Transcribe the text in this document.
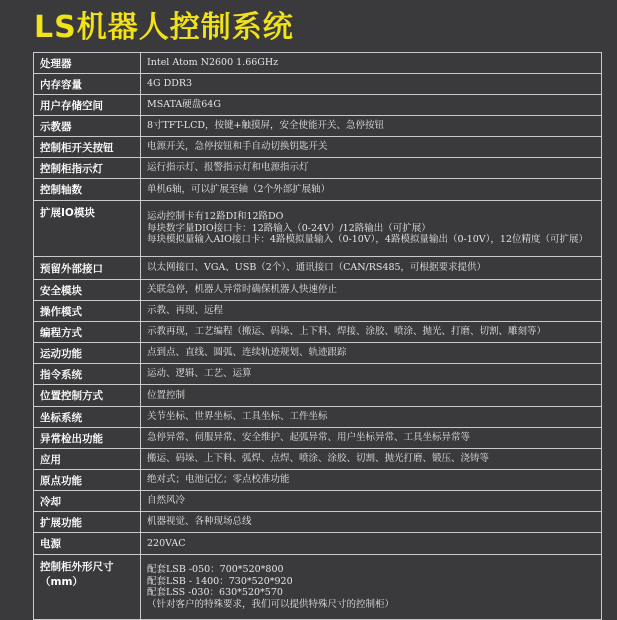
LS机器人控制系统
处理器	Intel Atom N2600 1.66GHz

内存容量	4G DDR3

用户存储空间	MSATA硬盘64G

示教器	8寸TFT-LCD，按键+触摸屏，安全使能开关、急停按钮

控制柜开关按钮	电源开关，急停按钮和手自动切换钥匙开关

控制柜指示灯	运行指示灯、报警指示灯和电源指示灯

控制轴数	单机6轴，可以扩展至轴（2个外部扩展轴）

扩展IO模块	运动控制卡有12路DI和12路DO
每块数字量DIO接口卡：12路输入（0-24V）/12路输出（可扩展）
每块模拟量输入AIO接口卡：4路模拟量输入（0-10V），4路模拟量输出（0-10V），12位精度（可扩展）

预留外部接口	以太网接口、VGA、USB（2个）、通讯接口（CAN/RS485，可根据要求提供）

安全模块	关联急停，机器人异常时确保机器人快速停止

操作模式	示教、再现、远程

编程方式	示教再现，工艺编程（搬运、码垛、上下料、焊接、涂胶、喷涂、抛光、打磨、切割、雕刻等）

运动功能	点到点、直线、圆弧、连续轨迹规划、轨迹跟踪

指令系统	运动、逻辑、工艺、运算

位置控制方式	位置控制

坐标系统	关节坐标、世界坐标、工具坐标、工件坐标

异常检出功能	急停异常、伺服异常、安全维护、起弧异常、用户坐标异常、工具坐标异常等

应用	搬运、码垛、上下料、弧焊、点焊、喷涂、涂胶、切割、抛光打磨、锻压、浇铸等

原点功能	绝对式；电池记忆；零点校准功能

冷却	自然风冷

扩展功能	机器视觉、各种现场总线

电源	220VAC

控制柜外形尺寸
（mm）	配套LSB -050：700*520*800
配套LSB - 1400：730*520*920
配套LSS -030：630*520*570
（针对客户的特殊要求，我们可以提供特殊尺寸的控制柜）
